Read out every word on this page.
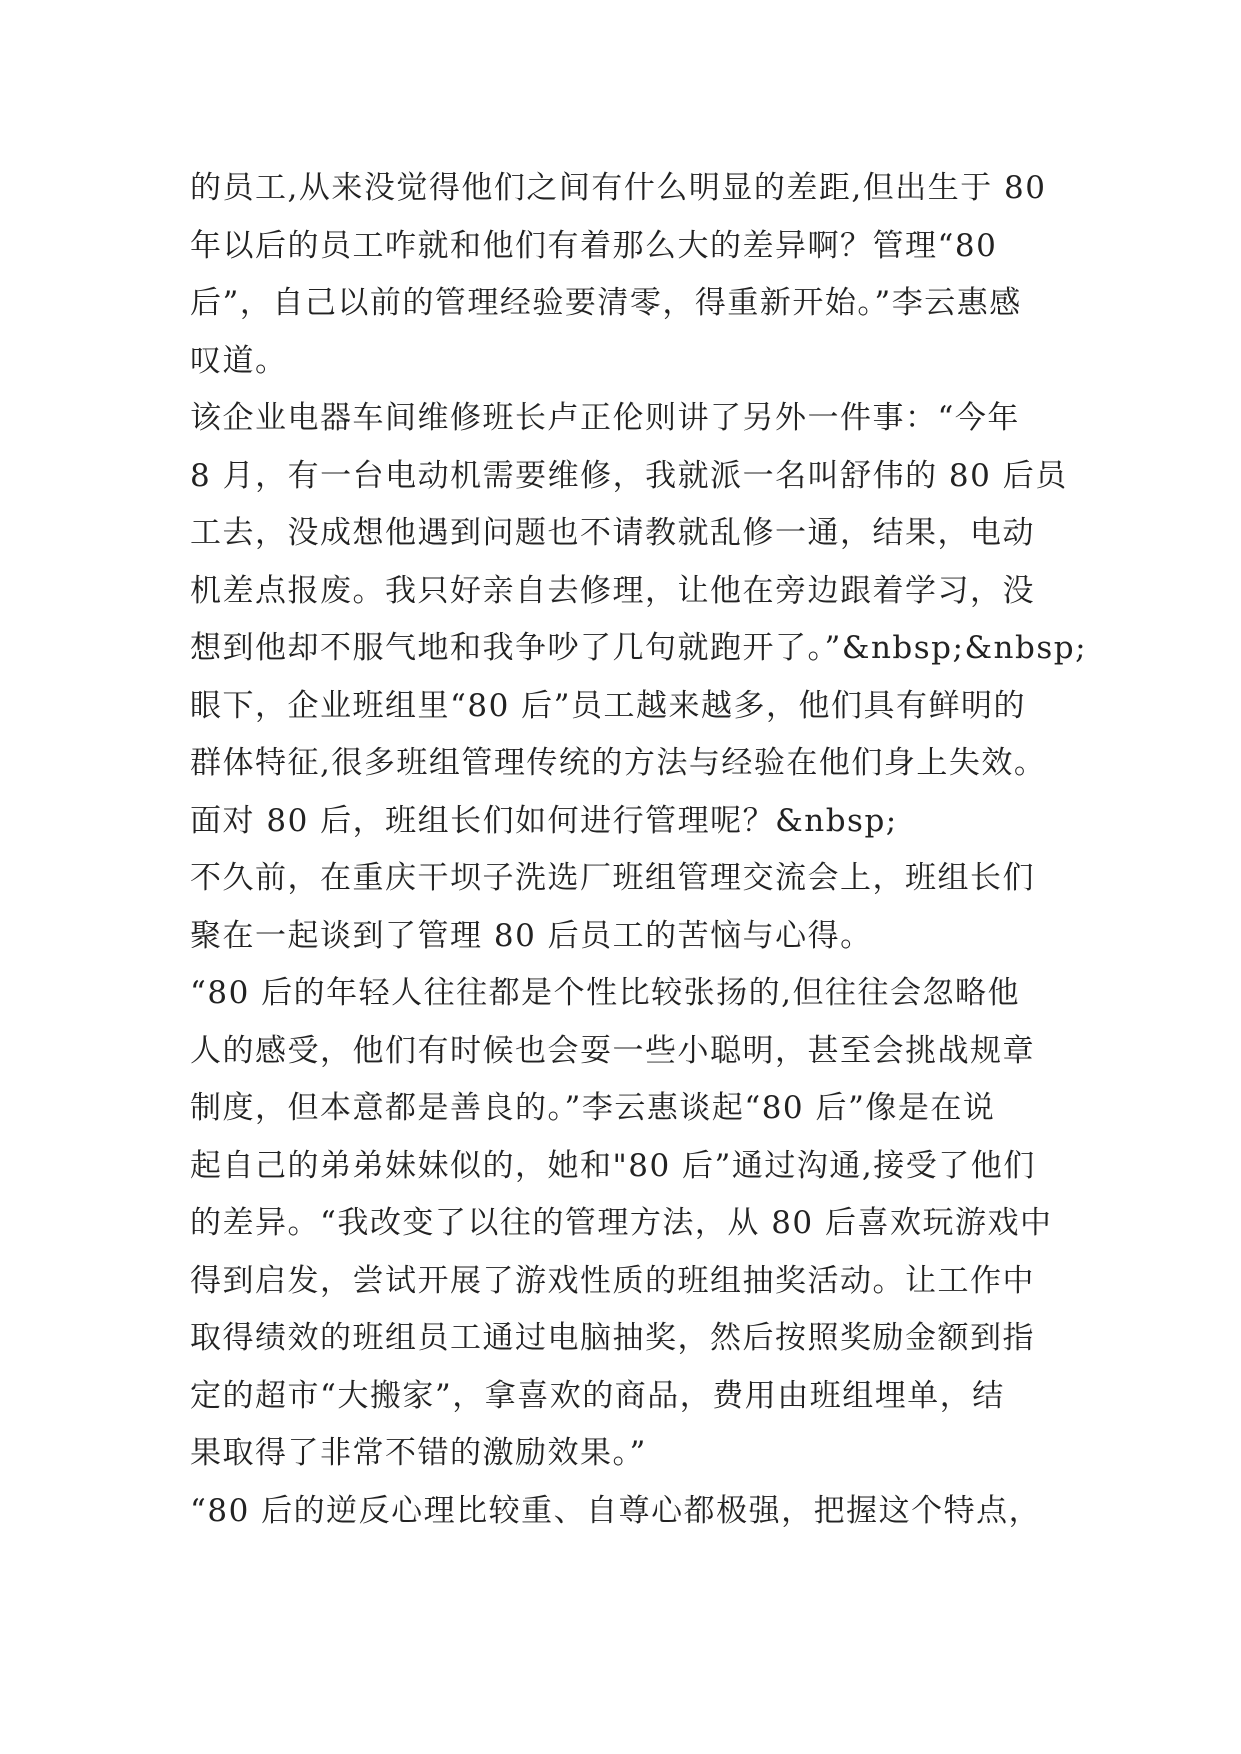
的员工,从来没觉得他们之间有什么明显的差距,但出生于 80
年以后的员工咋就和他们有着那么大的差异啊？管理“80
后”，自己以前的管理经验要清零，得重新开始。”李云惠感
叹道。
该企业电器车间维修班长卢正伦则讲了另外一件事：“今年
8 月，有一台电动机需要维修，我就派一名叫舒伟的 80 后员
工去，没成想他遇到问题也不请教就乱修一通，结果，电动
机差点报废。我只好亲自去修理，让他在旁边跟着学习，没
想到他却不服气地和我争吵了几句就跑开了。”&nbsp;&nbsp;
眼下，企业班组里“80 后”员工越来越多，他们具有鲜明的
群体特征,很多班组管理传统的方法与经验在他们身上失效。
面对 80 后，班组长们如何进行管理呢？&nbsp;
不久前，在重庆干坝子洗选厂班组管理交流会上，班组长们
聚在一起谈到了管理 80 后员工的苦恼与心得。
“80 后的年轻人往往都是个性比较张扬的,但往往会忽略他
人的感受，他们有时候也会耍一些小聪明，甚至会挑战规章
制度，但本意都是善良的。”李云惠谈起“80 后”像是在说
起自己的弟弟妹妹似的，她和"80 后”通过沟通,接受了他们
的差异。“我改变了以往的管理方法，从 80 后喜欢玩游戏中
得到启发，尝试开展了游戏性质的班组抽奖活动。让工作中
取得绩效的班组员工通过电脑抽奖，然后按照奖励金额到指
定的超市“大搬家”，拿喜欢的商品，费用由班组埋单，结
果取得了非常不错的激励效果。”
“80 后的逆反心理比较重、自尊心都极强，把握这个特点，
